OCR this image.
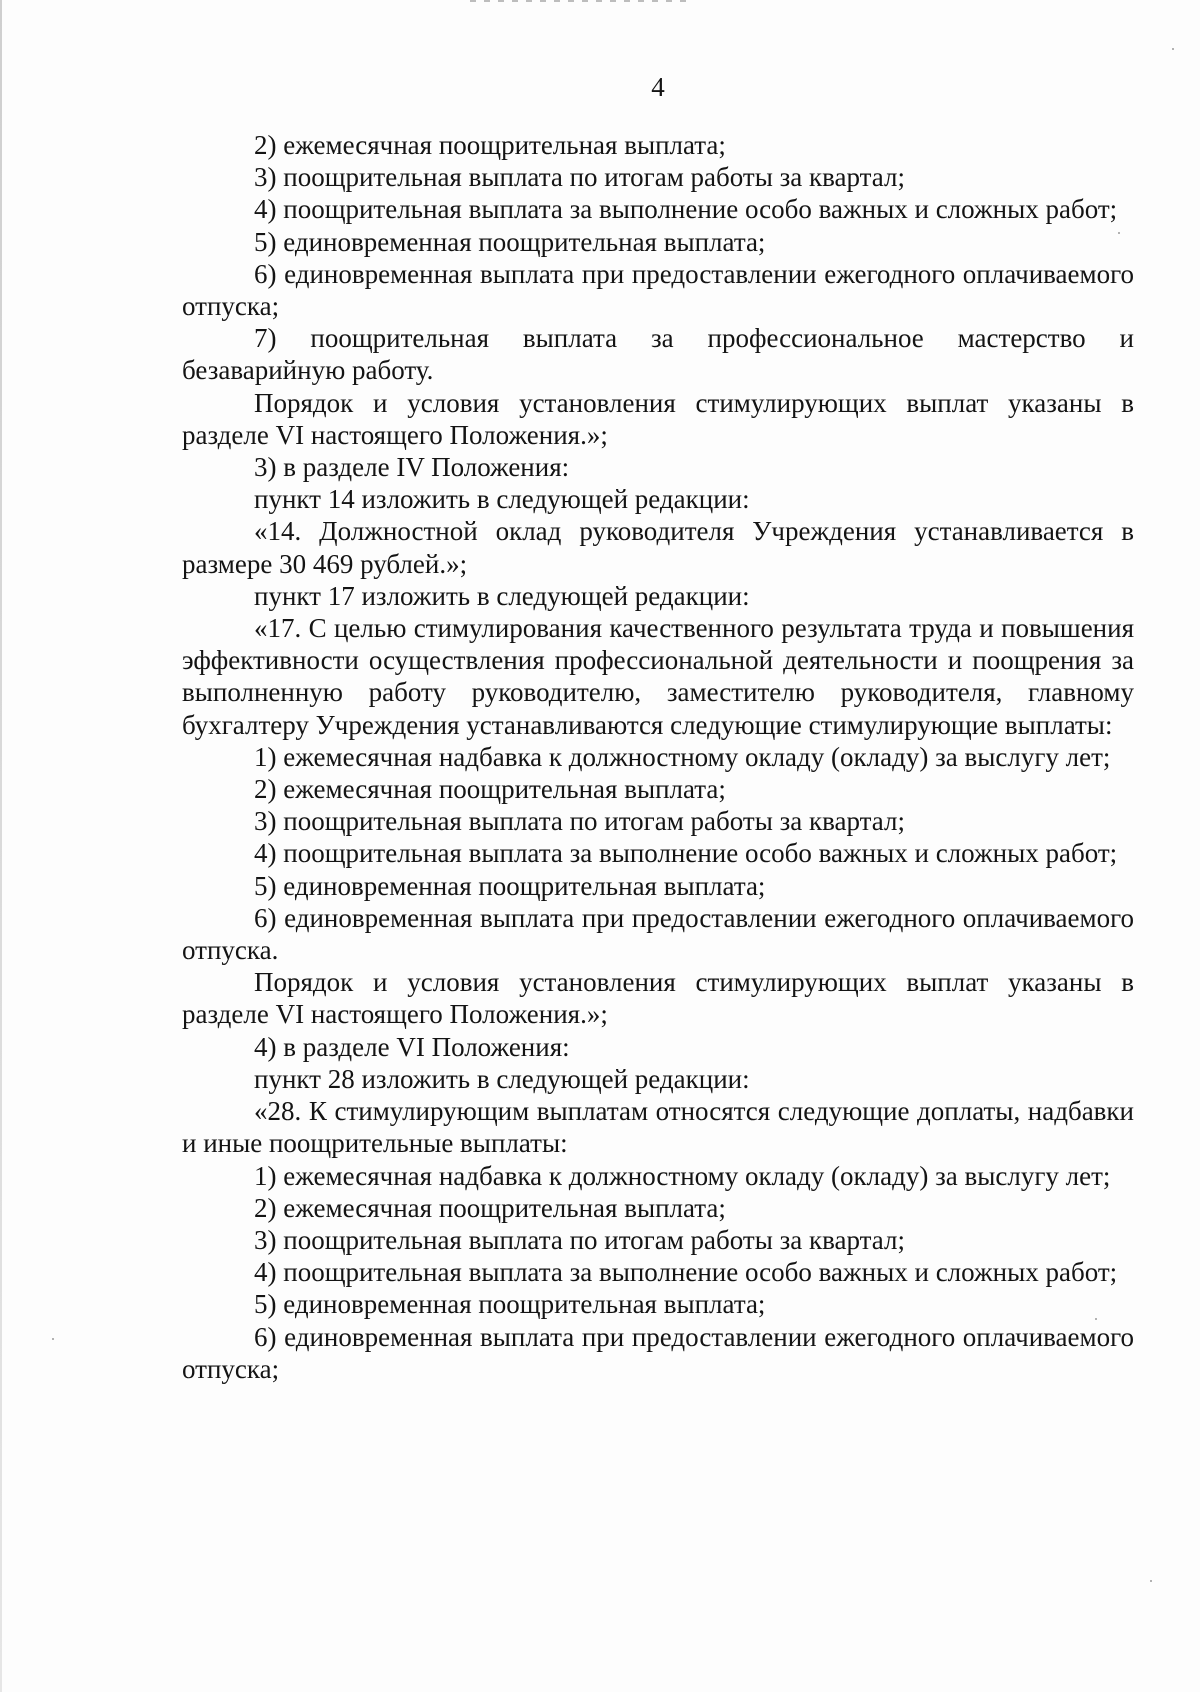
4

2) ежемесячная поощрительная выплата;

3) поощрительная выплата по итогам работы за квартал;

4) поощрительная выплата за выполнение особо важных и сложных работ;

5) единовременная поощрительная выплата;

6) единовременная выплата при предоставлении ежегодного оплачиваемого отпуска;

7) поощрительная выплата за профессиональное мастерство и безаварийную работу.

Порядок и условия установления стимулирующих выплат указаны в разделе VI настоящего Положения.»;

3) в разделе IV Положения:

пункт 14 изложить в следующей редакции:

«14. Должностной оклад руководителя Учреждения устанавливается в размере 30 469 рублей.»;

пункт 17 изложить в следующей редакции:

«17. С целью стимулирования качественного результата труда и повышения эффективности осуществления профессиональной деятельности и поощрения за выполненную работу руководителю, заместителю руководителя, главному бухгалтеру Учреждения устанавливаются следующие стимулирующие выплаты:

1) ежемесячная надбавка к должностному окладу (окладу) за выслугу лет;

2) ежемесячная поощрительная выплата;

3) поощрительная выплата по итогам работы за квартал;

4) поощрительная выплата за выполнение особо важных и сложных работ;

5) единовременная поощрительная выплата;

6) единовременная выплата при предоставлении ежегодного оплачиваемого отпуска.

Порядок и условия установления стимулирующих выплат указаны в разделе VI настоящего Положения.»;

4) в разделе VI Положения:

пункт 28 изложить в следующей редакции:

«28. К стимулирующим выплатам относятся следующие доплаты, надбавки и иные поощрительные выплаты:

1) ежемесячная надбавка к должностному окладу (окладу) за выслугу лет;

2) ежемесячная поощрительная выплата;

3) поощрительная выплата по итогам работы за квартал;

4) поощрительная выплата за выполнение особо важных и сложных работ;

5) единовременная поощрительная выплата;

6) единовременная выплата при предоставлении ежегодного оплачиваемого отпуска;
